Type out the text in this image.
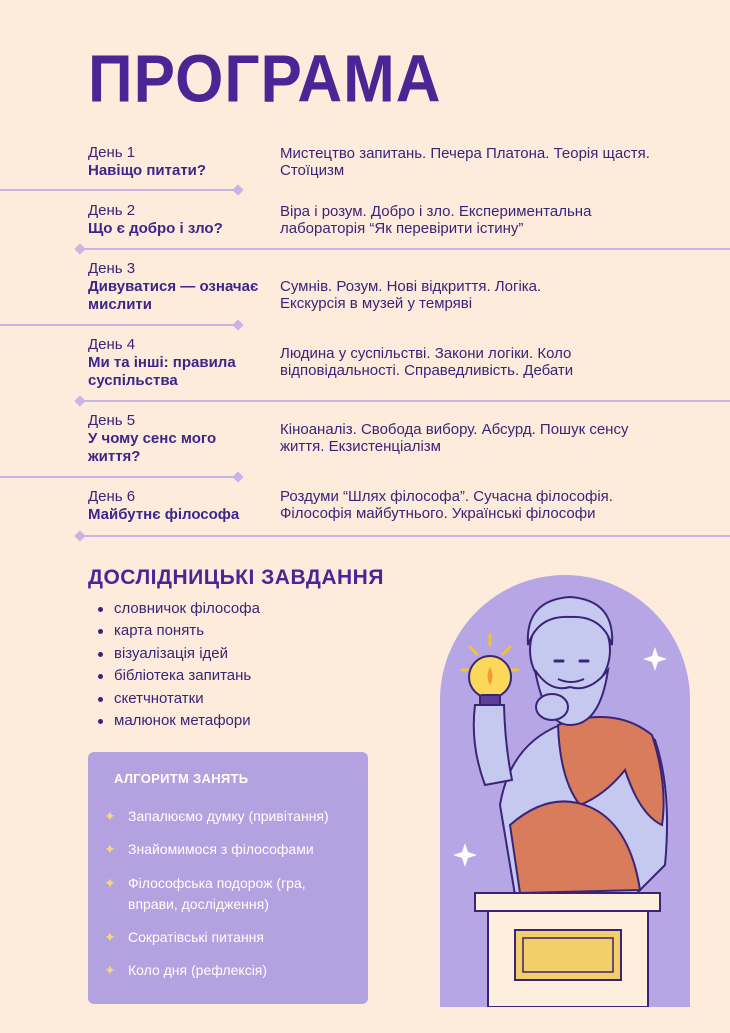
ПРОГРАМА
День 1
Навіщо питати?
Мистецтво запитань. Печера Платона. Теорія щастя. Стоїцизм
День 2
Що є добро і зло?
Віра і розум. Добро і зло. Експериментальна лабораторія “Як перевірити істину”
День 3
Дивуватися — означає мислити
Сумнів. Розум. Нові відкриття. Логіка. Екскурсія в музей у темряві
День 4
Ми та інші: правила суспільства
Людина у суспільстві. Закони логіки. Коло відповідальності. Справедливість. Дебати
День 5
У чому сенс мого життя?
Кіноаналіз. Свобода вибору. Абсурд. Пошук сенсу життя. Екзистенціалізм
День 6
Майбутнє філософа
Роздуми “Шлях філософа”. Сучасна філософія. Філософія майбутнього. Українські філософи
ДОСЛІДНИЦЬКІ ЗАВДАННЯ
словничок філософа
карта понять
візуалізація ідей
бібліотека запитань
скетчнотатки
малюнок метафори
АЛГОРИТМ ЗАНЯТЬ
✦ Запалюємо думку (привітання)
✦ Знайомимося з філософами
✦ Філософська подорож (гра, вправи, дослідження)
✦ Сократівські питання
✦ Коло дня (рефлексія)
